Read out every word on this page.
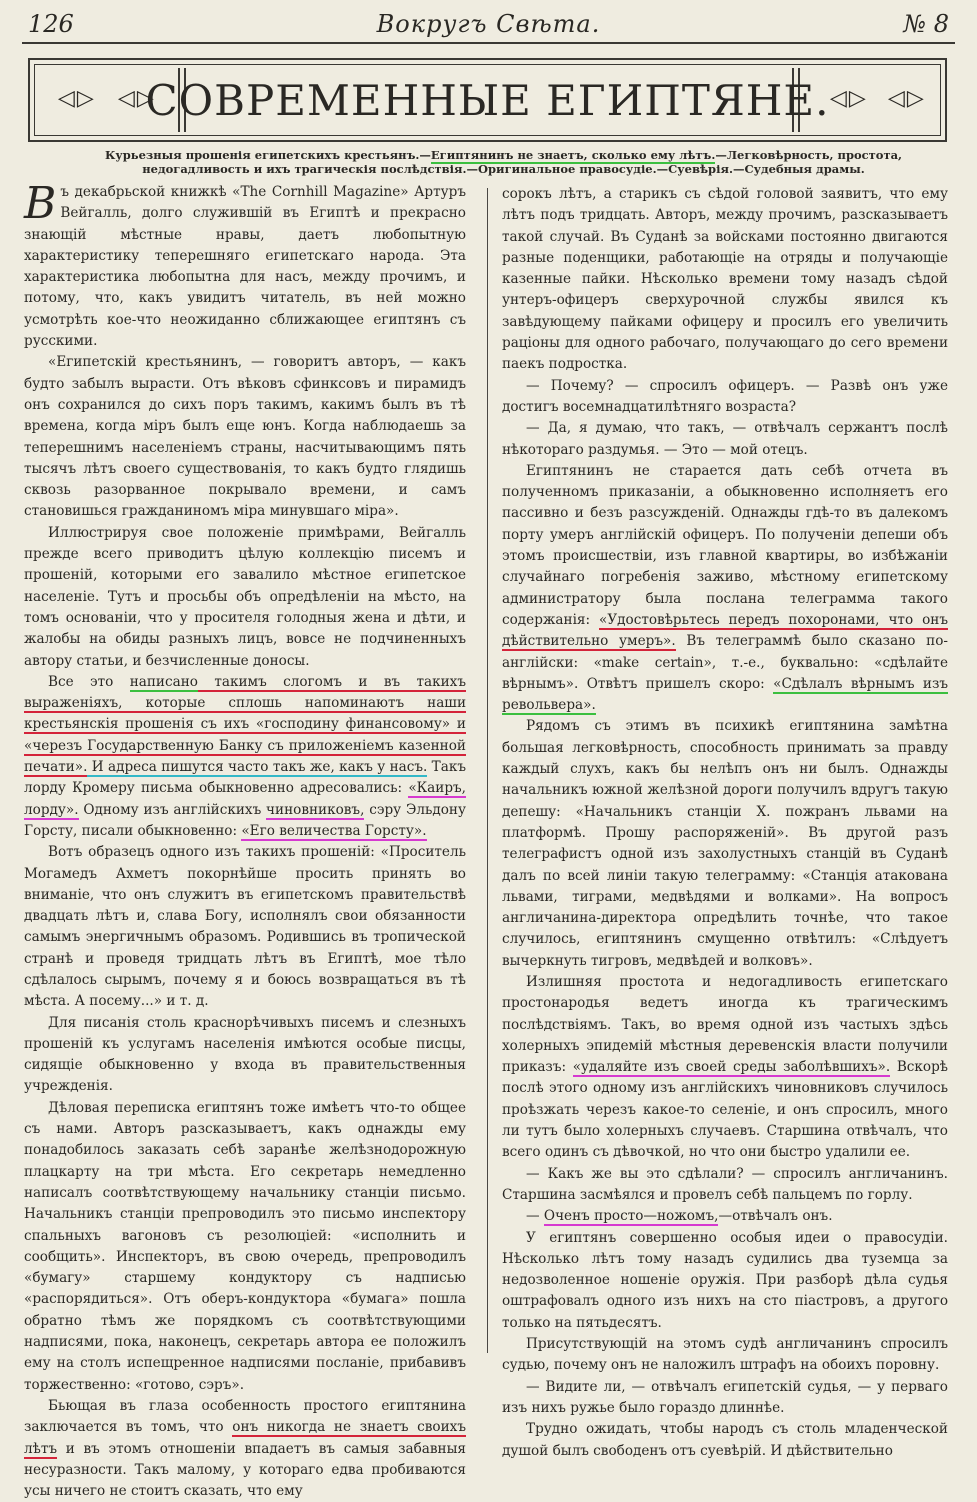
126	Вокругъ Свѣта.	№ 8
◁▷ ◁▷
СОВРЕМЕННЫЕ ЕГИПТЯНЕ. ◁▷ ◁▷
Курьезныя прошенія египетскихъ крестьянъ.—Египтянинъ не знаетъ, сколько ему лѣтъ.—Легковѣрность, простота, недогадливость и ихъ трагическія послѣдствія.—Оригинальное правосудіе.—Суевѣрія.—Судебныя драмы.

Въ декабрьской книжкѣ «The Cornhill Magazine» Артуръ Вейгалль, долго служившій въ Египтѣ и прекрасно знающій мѣстные нравы, даетъ любопытную характеристику теперешняго египетскаго народа. Эта характеристика любопытна для насъ, между прочимъ, и потому, что, какъ увидитъ читатель, въ ней можно усмотрѣть кое-что неожиданно сближающее египтянъ съ русскими.

«Египетскій крестьянинъ, — говоритъ авторъ, — какъ будто забылъ вырасти. Отъ вѣковъ сфинксовъ и пирамидъ онъ сохранился до сихъ поръ такимъ, какимъ былъ въ тѣ времена, когда міръ былъ еще юнъ. Когда наблюдаешь за теперешнимъ населеніемъ страны, насчитывающимъ пять тысячъ лѣтъ своего существованія, то какъ будто глядишь сквозь разорванное покрывало времени, и самъ становишься гражданиномъ міра минувшаго міра».

Иллюстрируя свое положеніе примѣрами, Вейгалль прежде всего приводитъ цѣлую коллекцію писемъ и прошеній, которыми его завалило мѣстное египетское населеніе. Тутъ и просьбы объ опредѣленіи на мѣсто, на томъ основаніи, что у просителя голодныя жена и дѣти, и жалобы на обиды разныхъ лицъ, вовсе не подчиненныхъ автору статьи, и безчисленные доносы.

Все это написано такимъ слогомъ и въ такихъ выраженіяхъ, которые сплошь напоминаютъ наши крестьянскія прошенія съ ихъ «господину финансовому» и «черезъ Государственную Банку съ приложеніемъ казенной печати». И адреса пишутся часто такъ же, какъ у насъ. Такъ лорду Кромеру письма обыкновенно адресовались: «Каиръ, лорду». Одному изъ англійскихъ чиновниковъ, сэру Эльдону Горсту, писали обыкновенно: «Его величества Горсту».

Вотъ образецъ одного изъ такихъ прошеній: «Проситель Могамедъ Ахметъ покорнѣйше просить принять во вниманіе, что онъ служитъ въ египетскомъ правительствѣ двадцать лѣтъ и, слава Богу, исполнялъ свои обязанности самымъ энергичнымъ образомъ. Родившись въ тропической странѣ и проведя тридцать лѣтъ въ Египтѣ, мое тѣло сдѣлалось сырымъ, почему я и боюсь возвращаться въ тѣ мѣста. А посему...» и т. д.

Для писанія столь краснорѣчивыхъ писемъ и слезныхъ прошеній къ услугамъ населенія имѣются особые писцы, сидящіе обыкновенно у входа въ правительственныя учрежденія.

Дѣловая переписка египтянъ тоже имѣетъ что-то общее съ нами. Авторъ разсказываетъ, какъ однажды ему понадобилось заказать себѣ заранѣе желѣзнодорожную плацкарту на три мѣста. Его секретарь немедленно написалъ соотвѣтствующему начальнику станціи письмо. Начальникъ станціи препроводилъ это письмо инспектору спальныхъ вагоновъ съ резолюціей: «исполнить и сообщить». Инспекторъ, въ свою очередь, препроводилъ «бумагу» старшему кондуктору съ надписью «распорядиться». Отъ оберъ-кондуктора «бумага» пошла обратно тѣмъ же порядкомъ съ соотвѣтствующими надписями, пока, наконецъ, секретарь автора ее положилъ ему на столъ испещренное надписями посланіе, прибавивъ торжественно: «готово, сэръ».

Бьющая въ глаза особенность простого египтянина заключается въ томъ, что онъ никогда не знаетъ своихъ лѣтъ и въ этомъ отношеніи впадаетъ въ самыя забавныя несуразности. Такъ малому, у котораго едва пробиваются усы ничего не стоитъ сказать, что ему

сорокъ лѣтъ, а старикъ съ сѣдой головой заявитъ, что ему лѣтъ подъ тридцать. Авторъ, между прочимъ, разсказываетъ такой случай. Въ Суданѣ за войсками постоянно двигаются разные поденщики, работающіе на отряды и получающіе казенные пайки. Нѣсколько времени тому назадъ сѣдой унтеръ-офицеръ сверхурочной службы явился къ завѣдующему пайками офицеру и просилъ его увеличить раціоны для одного рабочаго, получающаго до сего времени паекъ подростка.

— Почему? — спросилъ офицеръ. — Развѣ онъ уже достигъ восемнадцатилѣтняго возраста?

— Да, я думаю, что такъ, — отвѣчалъ сержантъ послѣ нѣкотораго раздумья. — Это — мой отецъ.

Египтянинъ не старается дать себѣ отчета въ полученномъ приказаніи, а обыкновенно исполняетъ его пассивно и безъ разсужденій. Однажды гдѣ-то въ далекомъ порту умеръ англійскій офицеръ. По полученіи депеши объ этомъ происшествіи, изъ главной квартиры, во избѣжаніи случайнаго погребенія заживо, мѣстному египетскому администратору была послана телеграмма такого содержанія: «Удостовѣрьтесь передъ похоронами, что онъ дѣйствительно умеръ». Въ телеграммѣ было сказано по-англійски: «make certain», т.-е., буквально: «сдѣлайте вѣрнымъ». Отвѣтъ пришелъ скоро: «Сдѣлалъ вѣрнымъ изъ револьвера».

Рядомъ съ этимъ въ психикѣ египтянина замѣтна большая легковѣрность, способность принимать за правду каждый слухъ, какъ бы нелѣпъ онъ ни былъ. Однажды начальникъ южной желѣзной дороги получилъ вдругъ такую депешу: «Начальникъ станціи X. пожранъ львами на платформѣ. Прошу распоряженій». Въ другой разъ телеграфистъ одной изъ захолустныхъ станцій въ Суданѣ далъ по всей линіи такую телеграмму: «Станція атакована львами, тиграми, медвѣдями и волками». На вопросъ англичанина-директора опредѣлить точнѣе, что такое случилось, египтянинъ смущенно отвѣтилъ: «Слѣдуетъ вычеркнуть тигровъ, медвѣдей и волковъ».

Излишняя простота и недогадливость египетскаго простонародья ведетъ иногда къ трагическимъ послѣдствіямъ. Такъ, во время одной изъ частыхъ здѣсь холерныхъ эпидемій мѣстныя деревенскія власти получили приказъ: «удаляйте изъ своей среды заболѣвшихъ». Вскорѣ послѣ этого одному изъ англійскихъ чиновниковъ случилось проѣзжать черезъ какое-то селеніе, и онъ спросилъ, много ли тутъ было холерныхъ случаевъ. Старшина отвѣчалъ, что всего одинъ съ дѣвочкой, но что они быстро удалили ее.

— Какъ же вы это сдѣлали? — спросилъ англичанинъ. Старшина засмѣялся и провелъ себѣ пальцемъ по горлу.

— Оченъ просто—ножомъ,—отвѣчалъ онъ.

У египтянъ совершенно особыя идеи о правосудіи. Нѣсколько лѣтъ тому назадъ судились два туземца за недозволенное ношеніе оружія. При разборѣ дѣла судья оштрафовалъ одного изъ нихъ на сто піастровъ, а другого только на пятьдесятъ.

Присутствующій на этомъ судѣ англичанинъ спросилъ судью, почему онъ не наложилъ штрафъ на обоихъ поровну.

— Видите ли, — отвѣчалъ египетскій судья, — у перваго изъ нихъ ружье было гораздо длиннѣе.

Трудно ожидать, чтобы народъ съ столь младенческой душой былъ свободенъ отъ суевѣрій. И дѣйствительно
